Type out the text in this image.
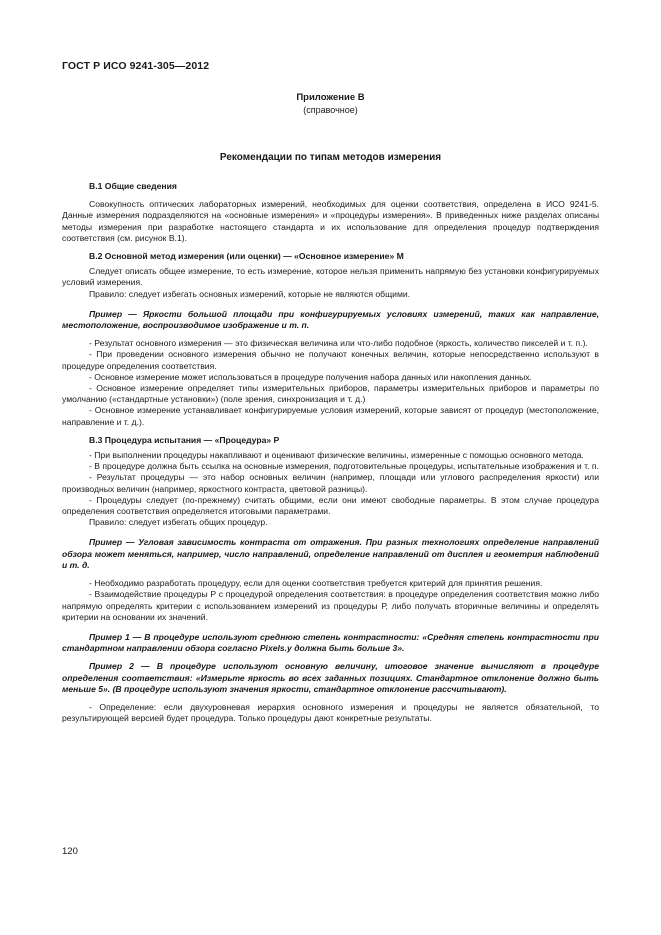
ГОСТ Р ИСО 9241-305—2012
Приложение В
(справочное)
Рекомендации по типам методов измерения
В.1 Общие сведения

Совокупность оптических лабораторных измерений, необходимых для оценки соответствия, определена в ИСО 9241-5. Данные измерения подразделяются на «основные измерения» и «процедуры измерения». В приведенных ниже разделах описаны методы измерения при разработке настоящего стандарта и их использование для определения процедур подтверждения соответствия (см. рисунок В.1).

В.2 Основной метод измерения (или оценки) — «Основное измерение» М

Следует описать общее измерение, то есть измерение, которое нельзя применить напрямую без установки конфигурируемых условий измерения.

Правило: следует избегать основных измерений, которые не являются общими.

Пример — Яркости большой площади при конфигурируемых условиях измерений, таких как направление, местоположение, воспроизводимое изображение и т. п.

- Результат основного измерения — это физическая величина или что-либо подобное (яркость, количество пикселей и т. п.).

- При проведении основного измерения обычно не получают конечных величин, которые непосредственно используют в процедуре определения соответствия.

- Основное измерение может использоваться в процедуре получения набора данных или накопления данных.

- Основное измерение определяет типы измерительных приборов, параметры измерительных приборов и параметры по умолчанию («стандартные установки») (поле зрения, синхронизация и т. д.)

- Основное измерение устанавливает конфигурируемые условия измерений, которые зависят от процедур (местоположение, направление и т. д.).

В.3 Процедура испытания — «Процедура» Р

- При выполнении процедуры накапливают и оценивают физические величины, измеренные с помощью основного метода.

- В процедуре должна быть ссылка на основные измерения, подготовительные процедуры, испытательные изображения и т. п.

- Результат процедуры — это набор основных величин (например, площади или углового распределения яркости) или производных величин (например, яркостного контраста, цветовой разницы).

- Процедуры следует (по-прежнему) считать общими, если они имеют свободные параметры. В этом случае процедура определения соответствия определяется итоговыми параметрами.

Правило: следует избегать общих процедур.

Пример — Угловая зависимость контраста от отражения. При разных технологиях определение направлений обзора может меняться, например, число направлений, определение направлений от дисплея и геометрия наблюдений и т. д.

- Необходимо разработать процедуру, если для оценки соответствия требуется критерий для принятия решения.

- Взаимодействие процедуры Р с процедурой определения соответствия: в процедуре определения соответствия можно либо напрямую определять критерии с использованием измерений из процедуры Р, либо получать вторичные величины и определять критерии на основании их значений.

Пример 1 — В процедуре используют среднюю степень контрастности: «Средняя степень контрастности при стандартном направлении обзора согласно Pixels.y должна быть больше 3».

Пример 2 — В процедуре используют основную величину, итоговое значение вычисляют в процедуре определения соответствия: «Измерьте яркость во всех заданных позициях. Стандартное отклонение должно быть меньше 5». (В процедуре используют значения яркости, стандартное отклонение рассчитывают).

- Определение: если двухуровневая иерархия основного измерения и процедуры не является обязательной, то результирующей версией будет процедура. Только процедуры дают конкретные результаты.

120
